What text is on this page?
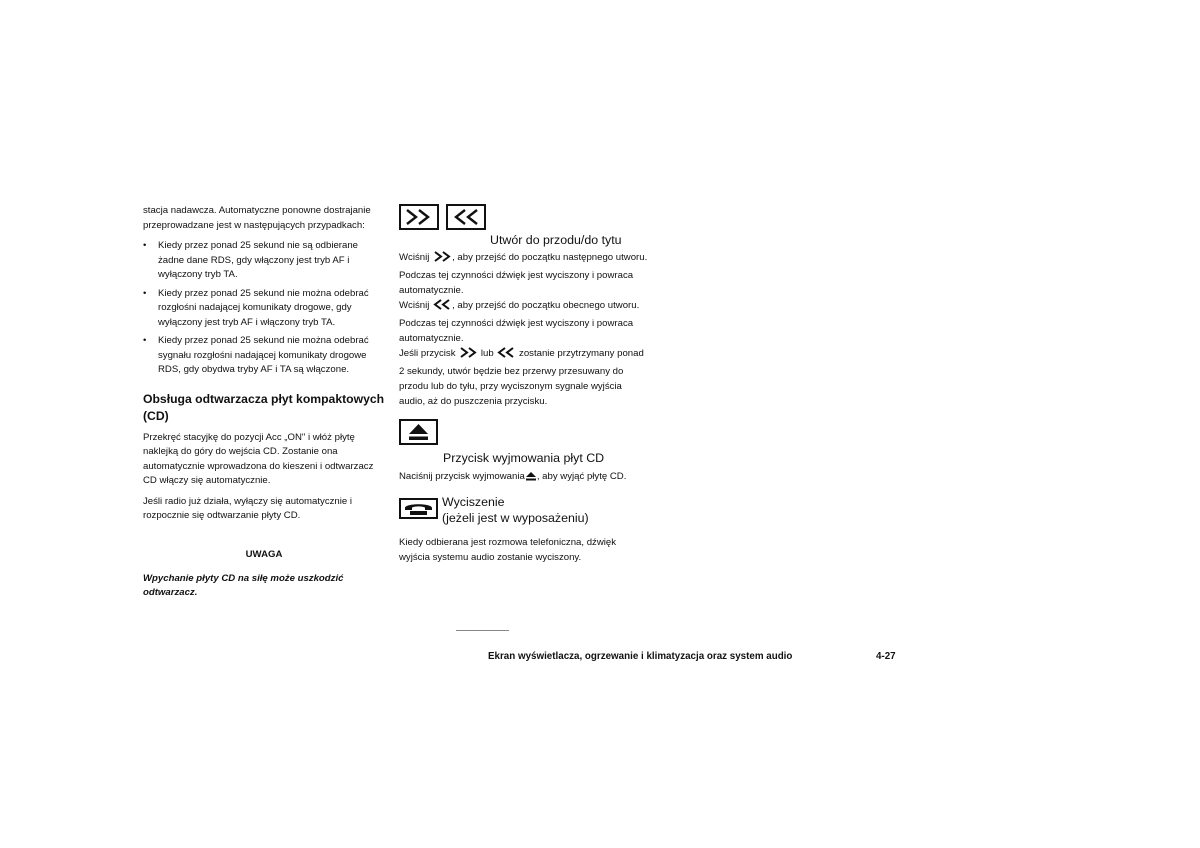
stacja nadawcza. Automatyczne ponowne dostrajanie przeprowadzane jest w następujących przypadkach:

• Kiedy przez ponad 25 sekund nie są odbierane żadne dane RDS, gdy włączony jest tryb AF i wyłączony tryb TA.
• Kiedy przez ponad 25 sekund nie można odebrać rozgłośni nadającej komunikaty drogowe, gdy wyłączony jest tryb AF i włączony tryb TA.
• Kiedy przez ponad 25 sekund nie można odebrać sygnału rozgłośni nadającej komunikaty drogowe RDS, gdy obydwa tryby AF i TA są włączone.
Obsługa odtwarzacza płyt kompaktowych (CD)

Przekręć stacyjkę do pozycji Acc „ON" i włóż płytę naklejką do góry do wejścia CD. Zostanie ona automatycznie wprowadzona do kieszeni i odtwarzacz CD włączy się automatycznie.

Jeśli radio już działa, wyłączy się automatycznie i rozpocznie się odtwarzanie płyty CD.

UWAGA
Wpychanie płyty CD na siłę może uszkodzić odtwarzacz.

Utwór do przodu/do tytu

Wciśnij , aby przejść do początku następnego utworu. Podczas tej czynności dźwięk jest wyciszony i powraca automatycznie.

Wciśnij , aby przejść do początku obecnego utworu. Podczas tej czynności dźwięk jest wyciszony i powraca automatycznie.

Jeśli przycisk	lub	zostanie przytrzymany ponad 2 sekundy, utwór będzie bez przerwy przesuwany do przodu lub do tyłu, przy wyciszonym sygnale wyjścia audio, aż do puszczenia przycisku.

Przycisk wyjmowania płyt CD

Naciśnij przycisk wyjmowania , aby wyjąć płytę CD.

Wyciszenie
(jeżeli jest w wyposażeniu)

Kiedy odbierana jest rozmowa telefoniczna, dźwięk wyjścia systemu audio zostanie wyciszony.

Ekran wyświetlacza, ogrzewanie i klimatyzacja oraz system audio	4-27
